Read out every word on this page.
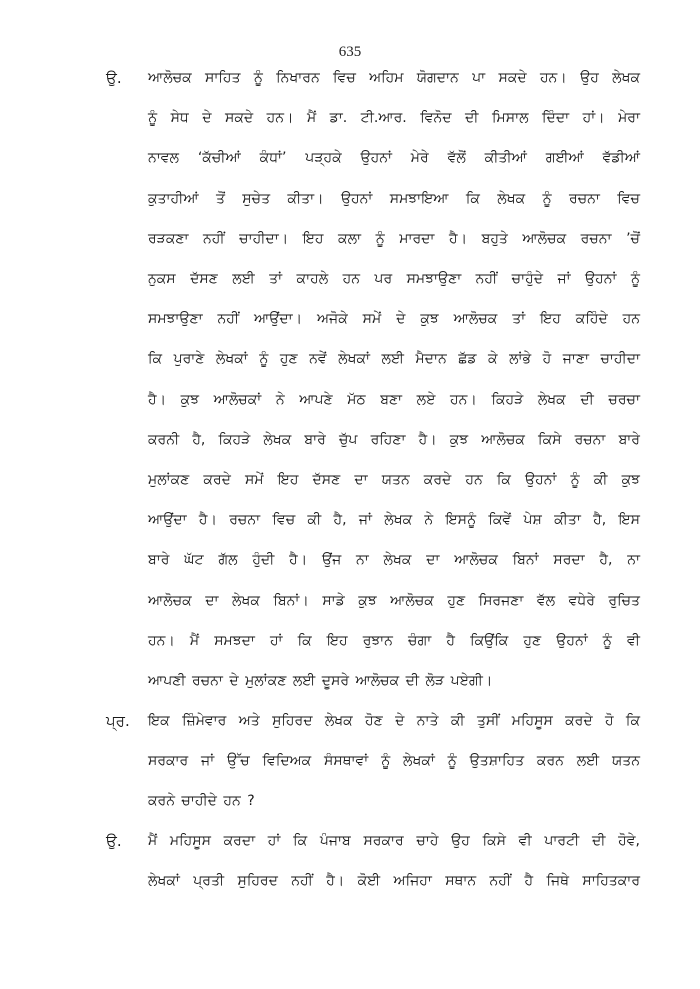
635
ਉ. ਆਲੋਚਕ ਸਾਹਿਤ ਨੂੰ ਨਿਖਾਰਨ ਵਿਚ ਅਹਿਮ ਯੋਗਦਾਨ ਪਾ ਸਕਦੇ ਹਨ। ਉਹ ਲੇਖਕ
ਨੂੰ ਸੇਧ ਦੇ ਸਕਦੇ ਹਨ। ਮੈਂ ਡਾ. ਟੀ.ਆਰ. ਵਿਨੋਦ ਦੀ ਮਿਸਾਲ ਦਿੰਦਾ ਹਾਂ। ਮੇਰਾ
ਨਾਵਲ ‘ਕੱਚੀਆਂ ਕੰਧਾਂ’ ਪੜ੍ਹਕੇ ਉਹਨਾਂ ਮੇਰੇ ਵੱਲੋਂ ਕੀਤੀਆਂ ਗਈਆਂ ਵੱਡੀਆਂ
ਕੁਤਾਹੀਆਂ ਤੋਂ ਸੁਚੇਤ ਕੀਤਾ। ਉਹਨਾਂ ਸਮਝਾਇਆ ਕਿ ਲੇਖਕ ਨੂੰ ਰਚਨਾ ਵਿਚ
ਰੜਕਣਾ ਨਹੀਂ ਚਾਹੀਦਾ। ਇਹ ਕਲਾ ਨੂੰ ਮਾਰਦਾ ਹੈ। ਬਹੁਤੇ ਆਲੋਚਕ ਰਚਨਾ ’ਚੋਂ
ਨੁਕਸ ਦੱਸਣ ਲਈ ਤਾਂ ਕਾਹਲੇ ਹਨ ਪਰ ਸਮਝਾਉਣਾ ਨਹੀਂ ਚਾਹੁੰਦੇ ਜਾਂ ਉਹਨਾਂ ਨੂੰ
ਸਮਝਾਉਣਾ ਨਹੀਂ ਆਉਂਦਾ। ਅਜੋਕੇ ਸਮੇਂ ਦੇ ਕੁਝ ਆਲੋਚਕ ਤਾਂ ਇਹ ਕਹਿੰਦੇ ਹਨ
ਕਿ ਪੁਰਾਣੇ ਲੇਖਕਾਂ ਨੂੰ ਹੁਣ ਨਵੇਂ ਲੇਖਕਾਂ ਲਈ ਮੈਦਾਨ ਛੱਡ ਕੇ ਲਾਂਭੇ ਹੋ ਜਾਣਾ ਚਾਹੀਦਾ
ਹੈ। ਕੁਝ ਆਲੋਚਕਾਂ ਨੇ ਆਪਣੇ ਮੱਠ ਬਣਾ ਲਏ ਹਨ। ਕਿਹੜੇ ਲੇਖਕ ਦੀ ਚਰਚਾ
ਕਰਨੀ ਹੈ, ਕਿਹੜੇ ਲੇਖਕ ਬਾਰੇ ਚੁੱਪ ਰਹਿਣਾ ਹੈ। ਕੁਝ ਆਲੋਚਕ ਕਿਸੇ ਰਚਨਾ ਬਾਰੇ
ਮੁਲਾਂਕਣ ਕਰਦੇ ਸਮੇਂ ਇਹ ਦੱਸਣ ਦਾ ਯਤਨ ਕਰਦੇ ਹਨ ਕਿ ਉਹਨਾਂ ਨੂੰ ਕੀ ਕੁਝ
ਆਉਂਦਾ ਹੈ। ਰਚਨਾ ਵਿਚ ਕੀ ਹੈ, ਜਾਂ ਲੇਖਕ ਨੇ ਇਸਨੂੰ ਕਿਵੇਂ ਪੇਸ਼ ਕੀਤਾ ਹੈ, ਇਸ
ਬਾਰੇ ਘੱਟ ਗੱਲ ਹੁੰਦੀ ਹੈ। ਉਂਜ ਨਾ ਲੇਖਕ ਦਾ ਆਲੋਚਕ ਬਿਨਾਂ ਸਰਦਾ ਹੈ, ਨਾ
ਆਲੋਚਕ ਦਾ ਲੇਖਕ ਬਿਨਾਂ। ਸਾਡੇ ਕੁਝ ਆਲੋਚਕ ਹੁਣ ਸਿਰਜਣਾ ਵੱਲ ਵਧੇਰੇ ਰੁਚਿਤ
ਹਨ। ਮੈਂ ਸਮਝਦਾ ਹਾਂ ਕਿ ਇਹ ਰੁਝਾਨ ਚੰਗਾ ਹੈ ਕਿਉਂਕਿ ਹੁਣ ਉਹਨਾਂ ਨੂੰ ਵੀ
ਆਪਣੀ ਰਚਨਾ ਦੇ ਮੁਲਾਂਕਣ ਲਈ ਦੂਸਰੇ ਆਲੋਚਕ ਦੀ ਲੋੜ ਪਏਗੀ।
ਪ੍ਰ. ਇਕ ਜ਼ਿੰਮੇਵਾਰ ਅਤੇ ਸੁਹਿਰਦ ਲੇਖਕ ਹੋਣ ਦੇ ਨਾਤੇ ਕੀ ਤੁਸੀਂ ਮਹਿਸੂਸ ਕਰਦੇ ਹੋ ਕਿ
ਸਰਕਾਰ ਜਾਂ ਉੱਚ ਵਿਦਿਅਕ ਸੰਸਥਾਵਾਂ ਨੂੰ ਲੇਖਕਾਂ ਨੂੰ ਉਤਸ਼ਾਹਿਤ ਕਰਨ ਲਈ ਯਤਨ
ਕਰਨੇ ਚਾਹੀਦੇ ਹਨ ?
ਉ. ਮੈਂ ਮਹਿਸੂਸ ਕਰਦਾ ਹਾਂ ਕਿ ਪੰਜਾਬ ਸਰਕਾਰ ਚਾਹੇ ਉਹ ਕਿਸੇ ਵੀ ਪਾਰਟੀ ਦੀ ਹੋਵੇ,
ਲੇਖਕਾਂ ਪ੍ਰਤੀ ਸੁਹਿਰਦ ਨਹੀਂ ਹੈ। ਕੋਈ ਅਜਿਹਾ ਸਥਾਨ ਨਹੀਂ ਹੈ ਜਿਥੇ ਸਾਹਿਤਕਾਰ
